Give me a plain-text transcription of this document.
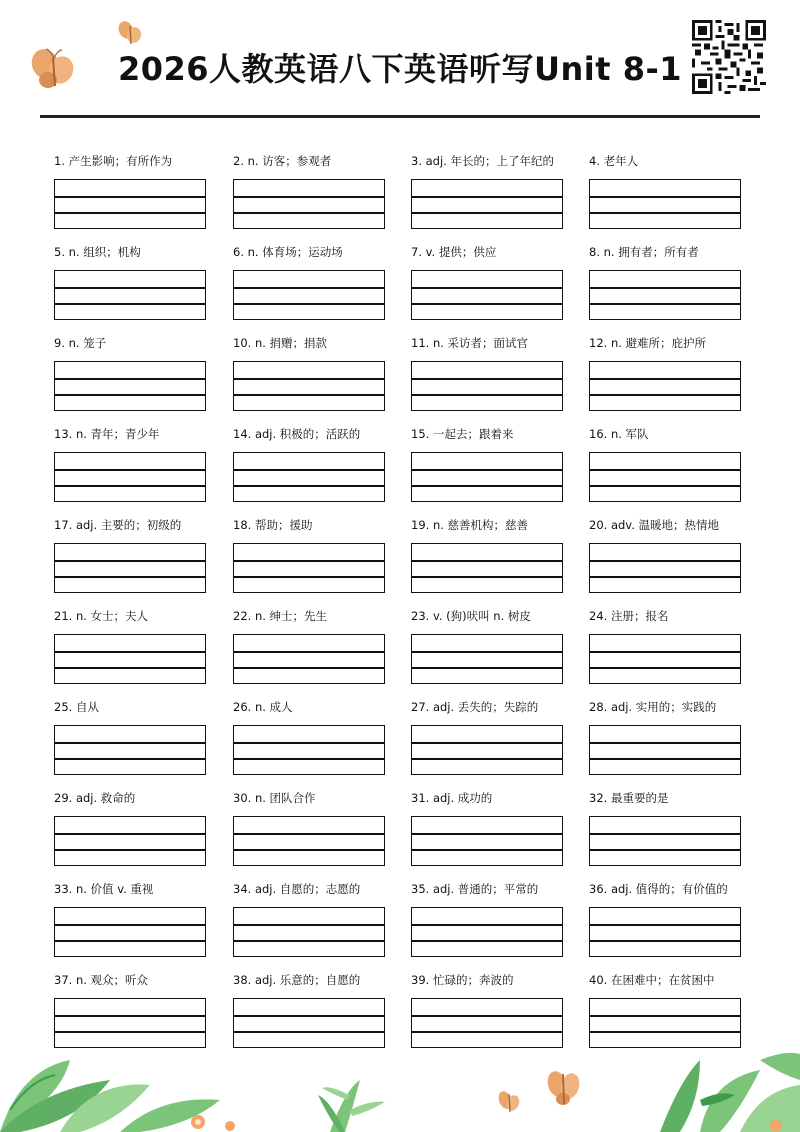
2026人教英语八下英语听写Unit 8-1
1. 产生影响；有所作为	2. n. 访客；参观者	3. adj. 年长的；上了年纪的	4. 老年人
5. n. 组织；机构	6. n. 体育场；运动场	7. v. 提供；供应	8. n. 拥有者；所有者
9. n. 笼子	10. n. 捐赠；捐款	11. n. 采访者；面试官	12. n. 避难所；庇护所
13. n. 青年；青少年	14. adj. 积极的；活跃的	15. 一起去；跟着来	16. n. 军队
17. adj. 主要的；初级的	18. 帮助；援助	19. n. 慈善机构；慈善	20. adv. 温暖地；热情地
21. n. 女士；夫人	22. n. 绅士；先生	23. v. (狗)吠叫 n. 树皮	24. 注册；报名
25. 自从	26. n. 成人	27. adj. 丢失的；失踪的	28. adj. 实用的；实践的
29. adj. 救命的	30. n. 团队合作	31. adj. 成功的	32. 最重要的是
33. n. 价值 v. 重视	34. adj. 自愿的；志愿的	35. adj. 普通的；平常的	36. adj. 值得的；有价值的
37. n. 观众；听众	38. adj. 乐意的；自愿的	39. 忙碌的；奔波的	40. 在困难中；在贫困中
